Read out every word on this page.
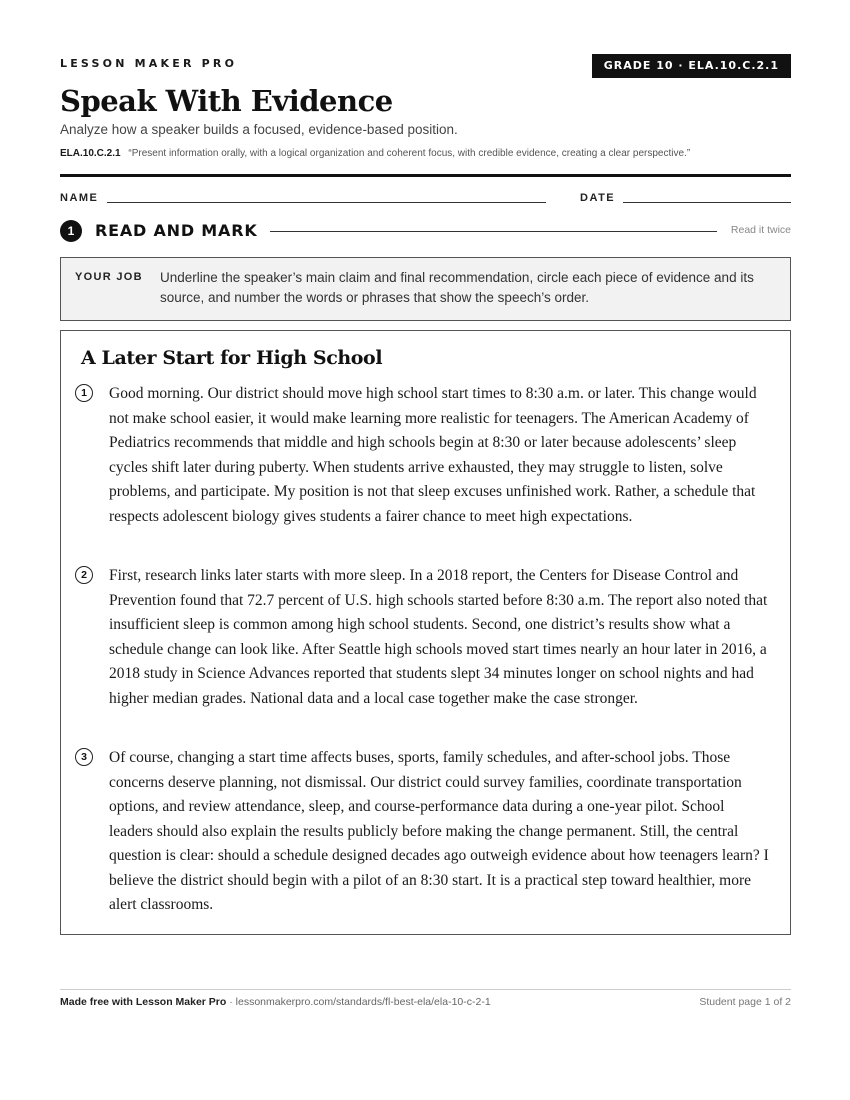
LESSON MAKER PRO	GRADE 10 · ELA.10.C.2.1
Speak With Evidence
Analyze how a speaker builds a focused, evidence-based position.
ELA.10.C.2.1 “Present information orally, with a logical organization and coherent focus, with credible evidence, creating a clear perspective.”
NAME	DATE
1	READ AND MARK	Read it twice
YOUR JOB Underline the speaker’s main claim and final recommendation, circle each piece of evidence and its source, and number the words or phrases that show the speech’s order.
A Later Start for High School
1	Good morning. Our district should move high school start times to 8:30 a.m. or later. This change would not make school easier, it would make learning more realistic for teenagers. The American Academy of Pediatrics recommends that middle and high schools begin at 8:30 or later because adolescents’ sleep cycles shift later during puberty. When students arrive exhausted, they may struggle to listen, solve problems, and participate. My position is not that sleep excuses unfinished work. Rather, a schedule that respects adolescent biology gives students a fairer chance to meet high expectations.

2	First, research links later starts with more sleep. In a 2018 report, the Centers for Disease Control and Prevention found that 72.7 percent of U.S. high schools started before 8:30 a.m. The report also noted that insufficient sleep is common among high school students. Second, one district’s results show what a schedule change can look like. After Seattle high schools moved start times nearly an hour later in 2016, a 2018 study in Science Advances reported that students slept 34 minutes longer on school nights and had higher median grades. National data and a local case together make the case stronger.

3	Of course, changing a start time affects buses, sports, family schedules, and after-school jobs. Those concerns deserve planning, not dismissal. Our district could survey families, coordinate transportation options, and review attendance, sleep, and course-performance data during a one-year pilot. School leaders should also explain the results publicly before making the change permanent. Still, the central question is clear: should a schedule designed decades ago outweigh evidence about how teenagers learn? I believe the district should begin with a pilot of an 8:30 start. It is a practical step toward healthier, more alert classrooms.

Made free with Lesson Maker Pro · lessonmakerpro.com/standards/fl-best-ela/ela-10-c-2-1	Student page 1 of 2
